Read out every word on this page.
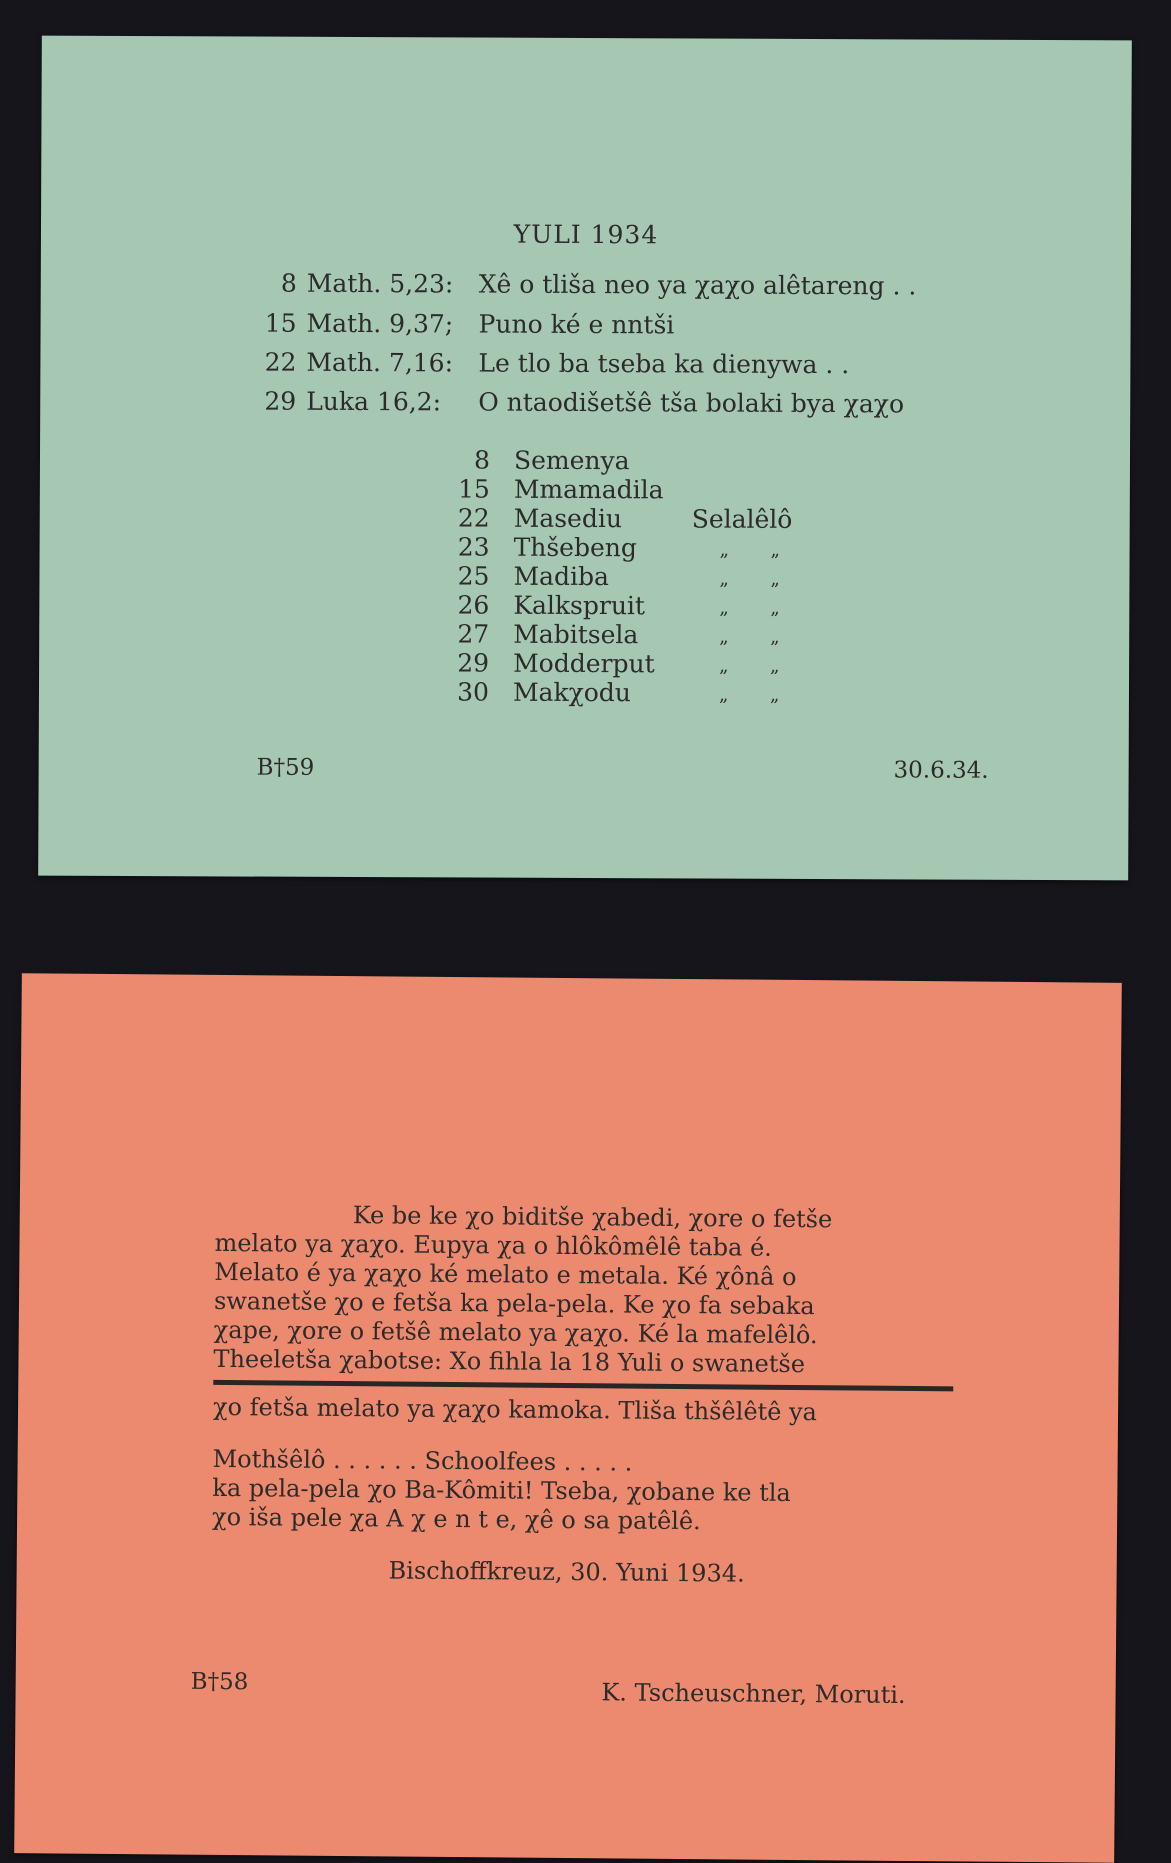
YULI 1934
8 Math. 5,23: Xê o tliša neo ya χaχo alêtareng . .
15 Math. 9,37; Puno ké e nntši
22 Math. 7,16: Le tlo ba tseba ka dienywa . .
29 Luka 16,2: O ntaodišetšê tša bolaki bya χaχo
8 Semenya
15 Mmamadila
22 Masediu	Selalêlô
23 Thšebeng	„ „
25 Madiba	„ „
26 Kalkspruit	„ „
27 Mabitsela	„ „
29 Modderput	„ „
30 Makχodu	„ „
B†59	30.6.34.

Ke be ke χo biditše χabedi, χore o fetše

melato ya χaχo. Eupya χa o hlôkômêlê taba é.

Melato é ya χaχo ké melato e metala. Ké χônâ o

swanetše χo e fetša ka pela-pela. Ke χo fa sebaka

χape, χore o fetšê melato ya χaχo. Ké la mafelêlô.

Theeletša χabotse: Xo fihla la 18 Yuli o swanetše

χo fetša melato ya χaχo kamoka. Tliša thšêlêtê ya

Mothšêlô . . . . . . Schoolfees . . . . .

ka pela-pela χo Ba-Kômiti! Tseba, χobane ke tla

χo iša pele χa A χ e n t e, χê o sa patêlê.

Bischoffkreuz, 30. Yuni 1934.
B†58	K. Tscheuschner, Moruti.
